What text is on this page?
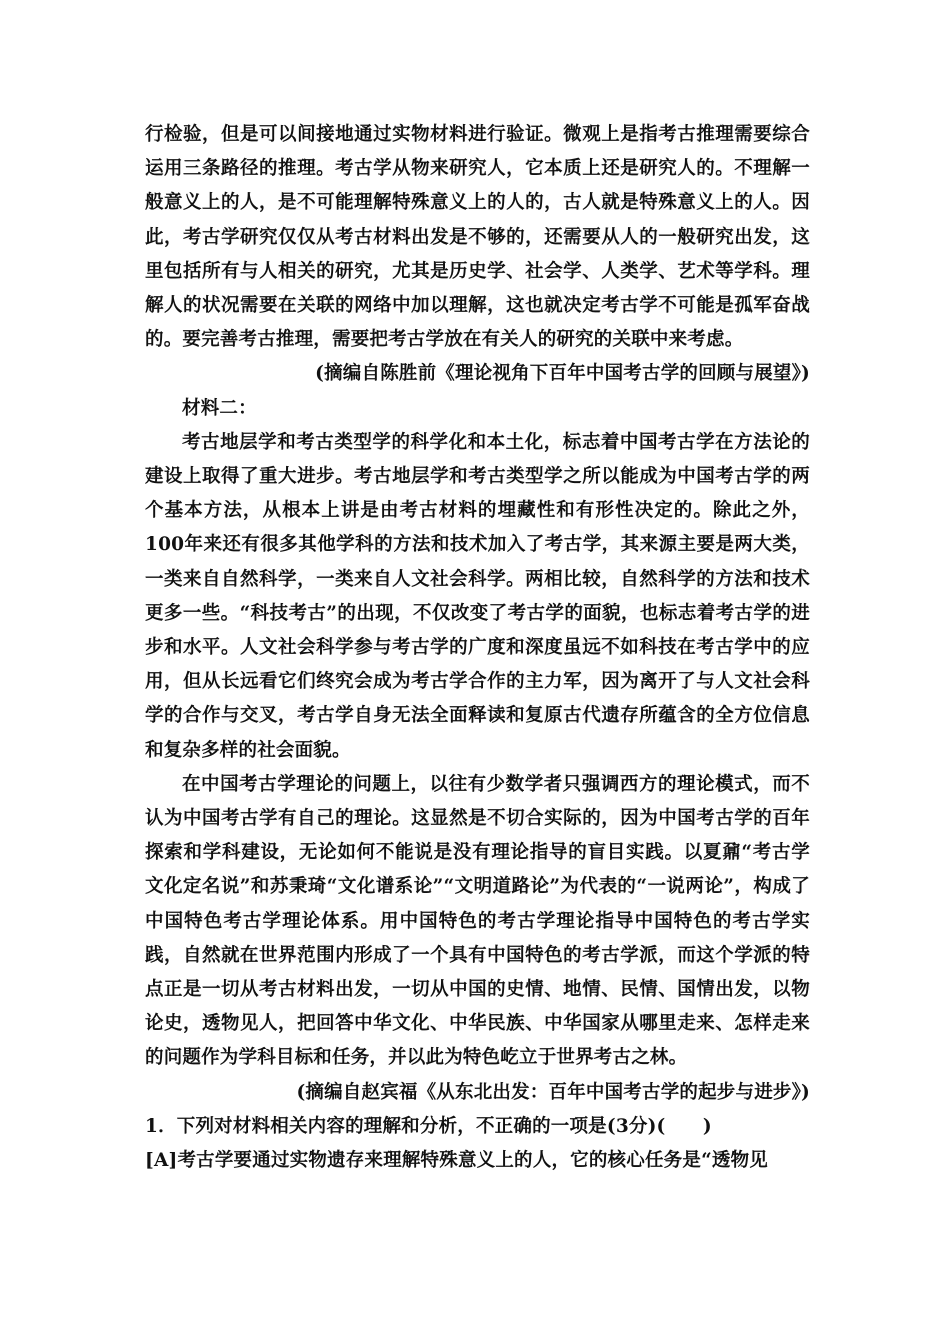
行检验，但是可以间接地通过实物材料进行验证。微观上是指考古推理需要综合运用三条路径的推理。考古学从物来研究人，它本质上还是研究人的。不理解一般意义上的人，是不可能理解特殊意义上的人的，古人就是特殊意义上的人。因此，考古学研究仅仅从考古材料出发是不够的，还需要从人的一般研究出发，这里包括所有与人相关的研究，尤其是历史学、社会学、人类学、艺术等学科。理解人的状况需要在关联的网络中加以理解，这也就决定考古学不可能是孤军奋战的。要完善考古推理，需要把考古学放在有关人的研究的关联中来考虑。

(摘编自陈胜前《理论视角下百年中国考古学的回顾与展望》)

材料二：

考古地层学和考古类型学的科学化和本土化，标志着中国考古学在方法论的建设上取得了重大进步。考古地层学和考古类型学之所以能成为中国考古学的两个基本方法，从根本上讲是由考古材料的埋藏性和有形性决定的。除此之外，100年来还有很多其他学科的方法和技术加入了考古学，其来源主要是两大类，一类来自自然科学，一类来自人文社会科学。两相比较，自然科学的方法和技术更多一些。“科技考古”的出现，不仅改变了考古学的面貌，也标志着考古学的进步和水平。人文社会科学参与考古学的广度和深度虽远不如科技在考古学中的应用，但从长远看它们终究会成为考古学合作的主力军，因为离开了与人文社会科学的合作与交叉，考古学自身无法全面释读和复原古代遗存所蕴含的全方位信息和复杂多样的社会面貌。

在中国考古学理论的问题上，以往有少数学者只强调西方的理论模式，而不认为中国考古学有自己的理论。这显然是不切合实际的，因为中国考古学的百年探索和学科建设，无论如何不能说是没有理论指导的盲目实践。以夏鼐“考古学文化定名说”和苏秉琦“文化谱系论”“文明道路论”为代表的“一说两论”，构成了中国特色考古学理论体系。用中国特色的考古学理论指导中国特色的考古学实践，自然就在世界范围内形成了一个具有中国特色的考古学派，而这个学派的特点正是一切从考古材料出发，一切从中国的史情、地情、民情、国情出发，以物论史，透物见人，把回答中华文化、中华民族、中华国家从哪里走来、怎样走来的问题作为学科目标和任务，并以此为特色屹立于世界考古之林。

(摘编自赵宾福《从东北出发：百年中国考古学的起步与进步》)

1．下列对材料相关内容的理解和分析，不正确的一项是(3分)(　　)

[A]考古学要通过实物遗存来理解特殊意义上的人，它的核心任务是“透物见
